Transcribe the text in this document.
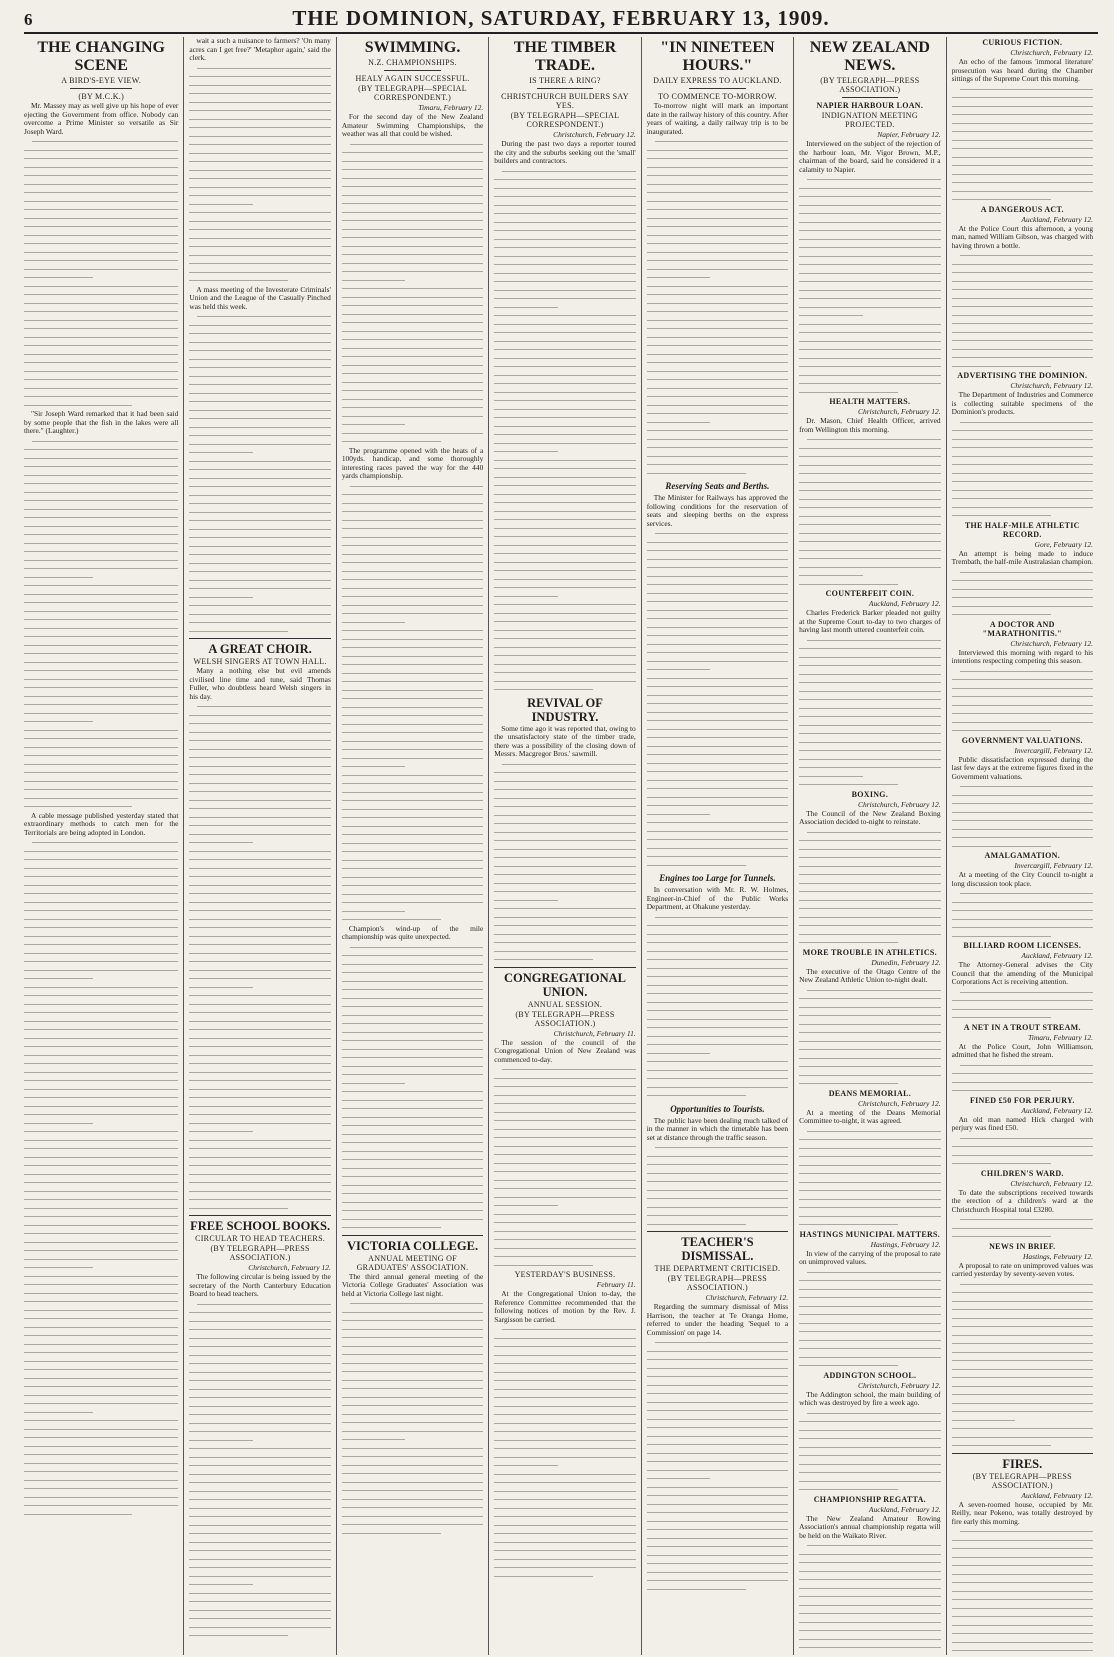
6	THE DOMINION, SATURDAY, FEBRUARY 13, 1909.
THE CHANGING SCENE
A BIRD'S-EYE VIEW.
(BY M.C.K.)

Mr. Massey may as well give up his hope of ever ejecting the Government from office. Nobody can overcome a Prime Minister so versatile as Sir Joseph Ward.

"Sir Joseph Ward remarked that it had been said by some people that the fish in the lakes were all there." (Laughter.)

A cable message published yesterday stated that extraordinary methods to catch men for the Territorials are being adopted in London.

wait a such a nuisance to farmers? 'On many acres can I get free?' 'Metaphor again,' said the clerk.

A mass meeting of the Investerate Criminals' Union and the League of the Casually Pinched was held this week.

A GREAT CHOIR.
WELSH SINGERS AT TOWN HALL.

Many a nothing else but evil amends civilised line time and tune, said Thomas Fuller, who doubtless heard Welsh singers in his day.

FREE SCHOOL BOOKS.
CIRCULAR TO HEAD TEACHERS.
(BY TELEGRAPH—PRESS ASSOCIATION.)
Christchurch, February 12.

The following circular is being issued by the secretary of the North Canterbury Education Board to head teachers.

SWIMMING.
N.Z. CHAMPIONSHIPS.
HEALY AGAIN SUCCESSFUL.
(BY TELEGRAPH—SPECIAL CORRESPONDENT.)
Timaru, February 12.

For the second day of the New Zealand Amateur Swimming Championships, the weather was all that could be wished.

The programme opened with the heats of a 100yds. handicap, and some thoroughly interesting races paved the way for the 440 yards championship.

Champion's wind-up of the mile championship was quite unexpected.

VICTORIA COLLEGE.
ANNUAL MEETING OF GRADUATES' ASSOCIATION.

The third annual general meeting of the Victoria College Graduates' Association was held at Victoria College last night.

THE TIMBER TRADE.
IS THERE A RING?
CHRISTCHURCH BUILDERS SAY YES.
(BY TELEGRAPH—SPECIAL CORRESPONDENT.)
Christchurch, February 12.

During the past two days a reporter toured the city and the suburbs seeking out the 'small' builders and contractors.

REVIVAL OF INDUSTRY.

Some time ago it was reported that, owing to the unsatisfactory state of the timber trade, there was a possibility of the closing down of Messrs. Macgregor Bros.' sawmill.

CONGREGATIONAL UNION.
ANNUAL SESSION.
(BY TELEGRAPH—PRESS ASSOCIATION.)
Christchurch, February 11.

The session of the council of the Congregational Union of New Zealand was commenced to-day.

YESTERDAY'S BUSINESS.
February 11.

At the Congregational Union to-day, the Reference Committee recommended that the following notices of motion by the Rev. J. Sargisson be carried.

"IN NINETEEN HOURS."
DAILY EXPRESS TO AUCKLAND.
TO COMMENCE TO-MORROW.

To-morrow night will mark an important date in the railway history of this country. After years of waiting, a daily railway trip is to be inaugurated.

Reserving Seats and Berths.

The Minister for Railways has approved the following conditions for the reservation of seats and sleeping berths on the express services.

Engines too Large for Tunnels.

In conversation with Mr. R. W. Holmes, Engineer-in-Chief of the Public Works Department, at Ohakune yesterday.

Opportunities to Tourists.

The public have been dealing much talked of in the manner in which the timetable has been set at distance through the traffic season.

TEACHER'S DISMISSAL.
THE DEPARTMENT CRITICISED.
(BY TELEGRAPH—PRESS ASSOCIATION.)
Christchurch, February 12.

Regarding the summary dismissal of Miss Harrison, the teacher at Te Oranga Home, referred to under the heading 'Sequel to a Commission' on page 14.

NEW ZEALAND NEWS.
(BY TELEGRAPH—PRESS ASSOCIATION.)
NAPIER HARBOUR LOAN.
INDIGNATION MEETING PROJECTED.
Napier, February 12.

Interviewed on the subject of the rejection of the harbour loan, Mr. Vigor Brown, M.P., chairman of the board, said he considered it a calamity to Napier.

HEALTH MATTERS.
Christchurch, February 12.

Dr. Mason, Chief Health Officer, arrived from Wellington this morning.

COUNTERFEIT COIN.
Auckland, February 12.

Charles Frederick Barker pleaded not guilty at the Supreme Court to-day to two charges of having last month uttered counterfeit coin.

BOXING.
Christchurch, February 12.

The Council of the New Zealand Boxing Association decided to-night to reinstate.

MORE TROUBLE IN ATHLETICS.
Dunedin, February 12.

The executive of the Otago Centre of the New Zealand Athletic Union to-night dealt.

DEANS MEMORIAL.
Christchurch, February 12.

At a meeting of the Deans Memorial Committee to-night, it was agreed.

HASTINGS MUNICIPAL MATTERS.
Hastings, February 12.

In view of the carrying of the proposal to rate on unimproved values.

ADDINGTON SCHOOL.
Christchurch, February 12.

The Addington school, the main building of which was destroyed by fire a week ago.

CHAMPIONSHIP REGATTA.
Auckland, February 12.

The New Zealand Amateur Rowing Association's annual championship regatta will be held on the Waikato River.

CURIOUS FICTION.
Christchurch, February 12.

An echo of the famous 'immoral literature' prosecution was heard during the Chamber sittings of the Supreme Court this morning.

A DANGEROUS ACT.
Auckland, February 12.

At the Police Court this afternoon, a young man, named William Gibson, was charged with having thrown a bottle.

ADVERTISING THE DOMINION.
Christchurch, February 12.

The Department of Industries and Commerce is collecting suitable specimens of the Dominion's products.

THE HALF-MILE ATHLETIC RECORD.
Gore, February 12.

An attempt is being made to induce Trembath, the half-mile Australasian champion.

A DOCTOR AND "MARATHONITIS."
Christchurch, February 12.

Interviewed this morning with regard to his intentions respecting competing this season.

GOVERNMENT VALUATIONS.
Invercargill, February 12.

Public dissatisfaction expressed during the last few days at the extreme figures fixed in the Government valuations.

AMALGAMATION.
Invercargill, February 12.

At a meeting of the City Council to-night a long discussion took place.

BILLIARD ROOM LICENSES.
Auckland, February 12.

The Attorney-General advises the City Council that the amending of the Municipal Corporations Act is receiving attention.

A NET IN A TROUT STREAM.
Timaru, February 12.

At the Police Court, John Williamson, admitted that he fished the stream.

FINED £50 FOR PERJURY.
Auckland, February 12.

An old man named Hick charged with perjury was fined £50.

CHILDREN'S WARD.
Christchurch, February 12.

To date the subscriptions received towards the erection of a children's ward at the Christchurch Hospital total £3280.

NEWS IN BRIEF.
Hastings, February 12.

A proposal to rate on unimproved values was carried yesterday by seventy-seven votes.

FIRES.
(BY TELEGRAPH—PRESS ASSOCIATION.)
Auckland, February 12.

A seven-roomed house, occupied by Mr. Reilly, near Pokeno, was totally destroyed by fire early this morning.
